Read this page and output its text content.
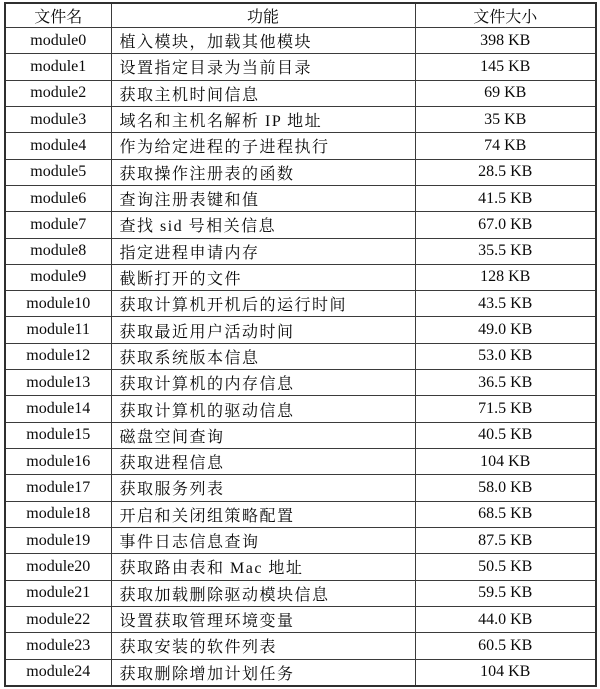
文件名	功能	文件大小
module0	植入模块，加载其他模块	398 KB
module1	设置指定目录为当前目录	145 KB
module2	获取主机时间信息	69 KB
module3	域名和主机名解析 IP 地址	35 KB
module4	作为给定进程的子进程执行	74 KB
module5	获取操作注册表的函数	28.5 KB
module6	查询注册表键和值	41.5 KB
module7	查找 sid 号相关信息	67.0 KB
module8	指定进程申请内存	35.5 KB
module9	截断打开的文件	128 KB
module10	获取计算机开机后的运行时间	43.5 KB
module11	获取最近用户活动时间	49.0 KB
module12	获取系统版本信息	53.0 KB
module13	获取计算机的内存信息	36.5 KB
module14	获取计算机的驱动信息	71.5 KB
module15	磁盘空间查询	40.5 KB
module16	获取进程信息	104 KB
module17	获取服务列表	58.0 KB
module18	开启和关闭组策略配置	68.5 KB
module19	事件日志信息查询	87.5 KB
module20	获取路由表和 Mac 地址	50.5 KB
module21	获取加载删除驱动模块信息	59.5 KB
module22	设置获取管理环境变量	44.0 KB
module23	获取安装的软件列表	60.5 KB
module24	获取删除增加计划任务	104 KB
